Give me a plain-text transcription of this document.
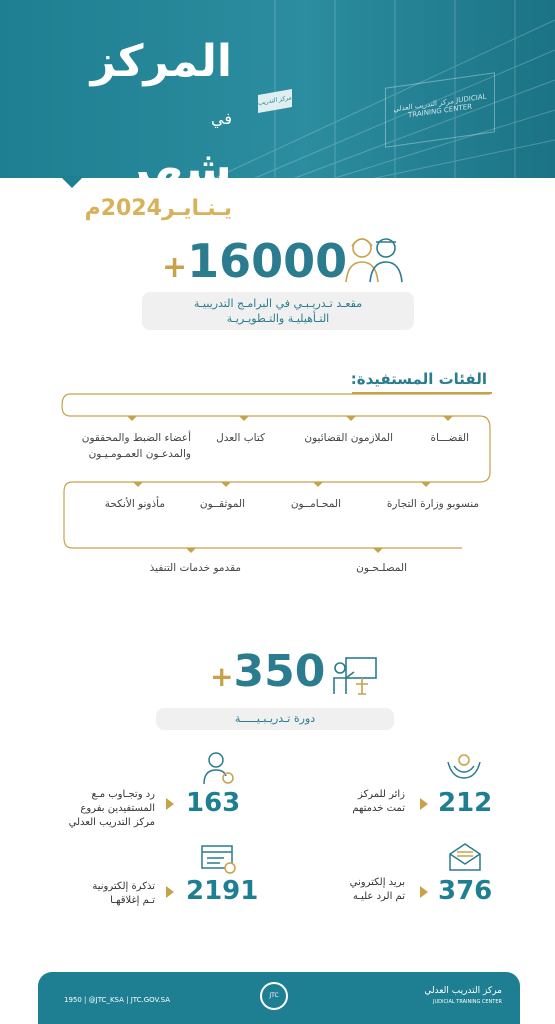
مركز التدريب	مركز التدريب العدلي JUDICIAL TRAINING CENTER
المركز في
شهر
يـنـايـر2024م
+16000
مقعـد تـدريـبـي في البرامـج التدريبيـة
التـأهيليـة والتـطويـريـة
الفئات المستفيدة:
القضـــاة
الملازمون القضائيون
كتاب العدل
أعضاء الضبط والمحققون
والمدعـون العمـومـيـون
منسوبو وزارة التجارة
المحـامــون
الموثقــون
مأذونو الأنكحة
المصلـحـون
مقدمو خدمات التنفيذ
+350
دورة تـدريـبـيـــــة
212
زائر للمركز
تمت خدمتهم
163
رد وتجـاوب مـع
المستفيدين بفروع
مركز التدريب العدلي
376
بريد إلكتروني
تم الرد عليـه
2191
تذكرة إلكترونية
تـم إغلاقهـا
1950 | @JTC_KSA | JTC.GOV.SA
JTC	مركز التدريب العدلي
JUDICIAL TRAINING CENTER
